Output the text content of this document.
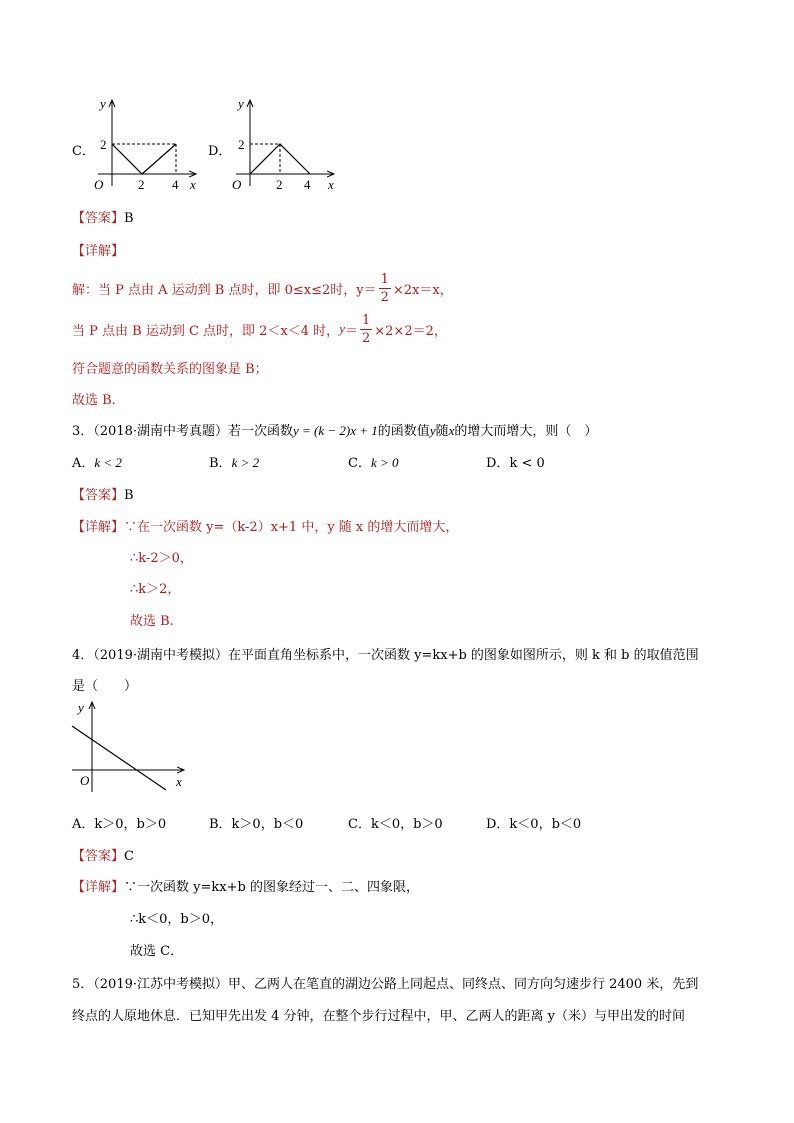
C．
y
x
O
2
2 4
D．
y
x
O
2
2 4
【答案】B
【详解】
解：当 P 点由 A 运动到 B 点时，即 0≤x≤2时，$y= \frac{1}{2} \times 2x=x$，
当 P 点由 B 运动到 C 点时，即 2＜x＜4 时， $y = \frac{1}{2} \times 2\times 2=2$，
符合题意的函数关系的图象是 B；
故选 B．
3．（2018·湖南中考真题）若一次函数y = (k − 2)x + 1的函数值y随x的增大而增大，则（　）
A．k < 2	B．k > 2	C．k > 0	D．k < 0
【答案】B
【详解】∵在一次函数 y=（k-2）x+1 中，y 随 x 的增大而增大，
∴k-2＞0，
∴k＞2，
故选 B.
4．（2019·湖南中考模拟）在平面直角坐标系中，一次函数 y=kx+b 的图象如图所示，则 k 和 b 的取值范围
是（　　）
y
x
O
A．k＞0，b＞0	B．k＞0，b＜0	C．k＜0，b＞0	D．k＜0，b＜0
【答案】C
【详解】∵一次函数 y=kx+b 的图象经过一、二、四象限，
∴k＜0，b＞0，
故选 C．
5．（2019·江苏中考模拟）甲、乙两人在笔直的湖边公路上同起点、同终点、同方向匀速步行 2400 米，先到
终点的人原地休息．已知甲先出发 4 分钟，在整个步行过程中，甲、乙两人的距离 y（米）与甲出发的时间
